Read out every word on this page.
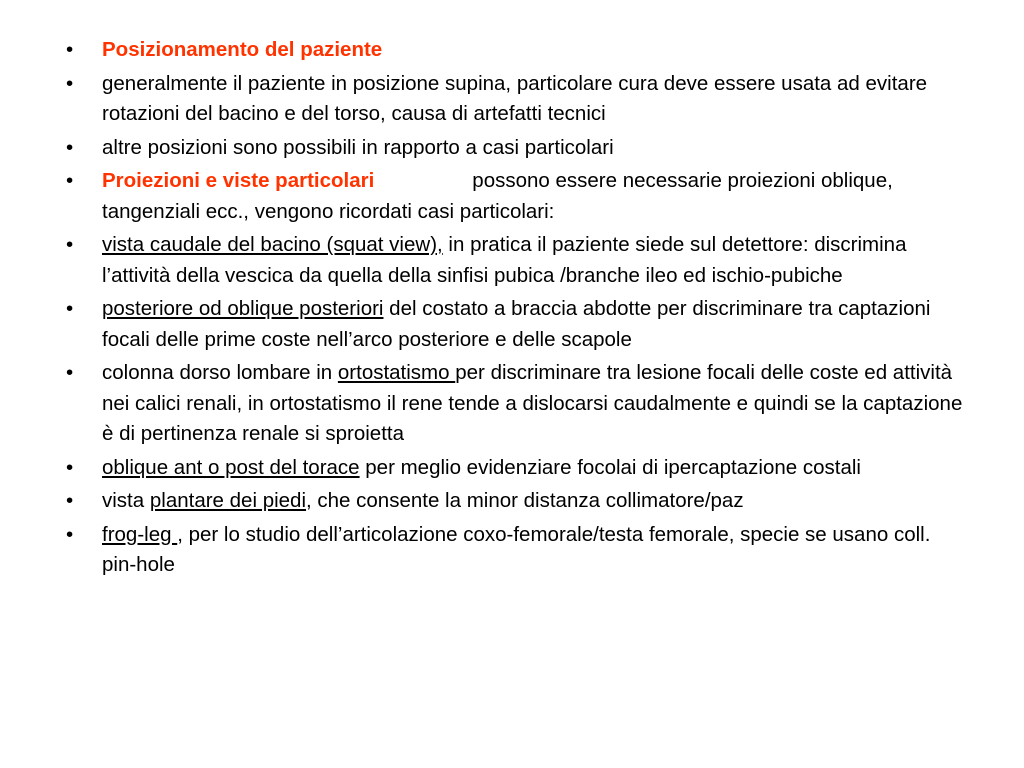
•	Posizionamento del paziente
•	generalmente il paziente in posizione supina, particolare cura deve essere usata ad evitare rotazioni del bacino e del torso, causa di artefatti tecnici
•	altre posizioni sono possibili in rapporto a casi particolari
•	Proiezioni e viste particolari	possono essere necessarie proiezioni oblique, tangenziali ecc., vengono ricordati casi particolari:
•	vista caudale del bacino (squat view), in pratica il paziente siede sul detettore: discrimina l’attività della vescica da quella della sinfisi pubica /branche ileo ed ischio-pubiche
•	posteriore od oblique posteriori del costato a braccia abdotte per discriminare tra captazioni focali delle prime coste nell’arco posteriore e delle scapole
•	colonna dorso lombare in ortostatismo per discriminare tra lesione focali delle coste ed attività nei calici renali, in ortostatismo il rene tende a dislocarsi caudalmente e quindi se la captazione è di pertinenza renale si sproietta
•	oblique ant o post del torace per meglio evidenziare focolai di ipercaptazione costali
•	vista plantare dei piedi, che consente la minor distanza collimatore/paz
•	frog-leg , per lo studio dell’articolazione coxo-femorale/testa femorale, specie se usano coll. pin-hole
